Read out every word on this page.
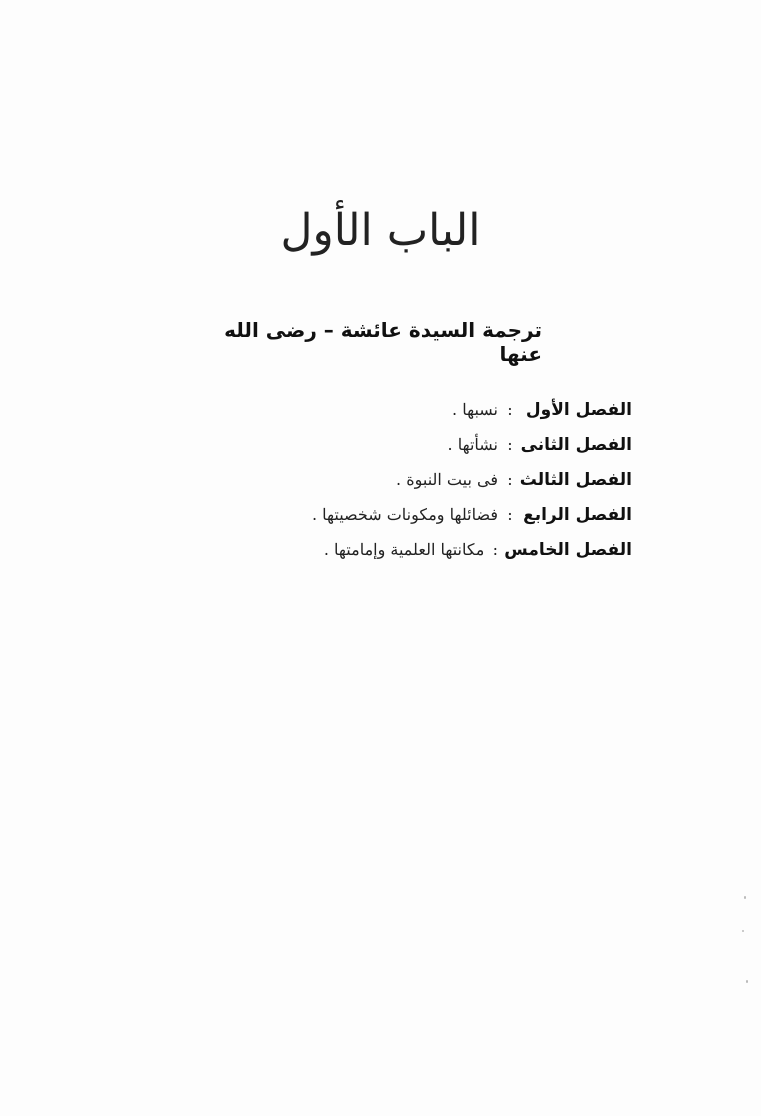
الباب الأول
ترجمة السيدة عائشة – رضى الله عنها
الفصل الأول
:
نسبها .
الفصل الثانى
:
نشأتها .
الفصل الثالث
:
فى بيت النبوة .
الفصل الرابع
:
فضائلها ومكونات شخصيتها .
الفصل الخامس
:
مكانتها العلمية وإمامتها .
